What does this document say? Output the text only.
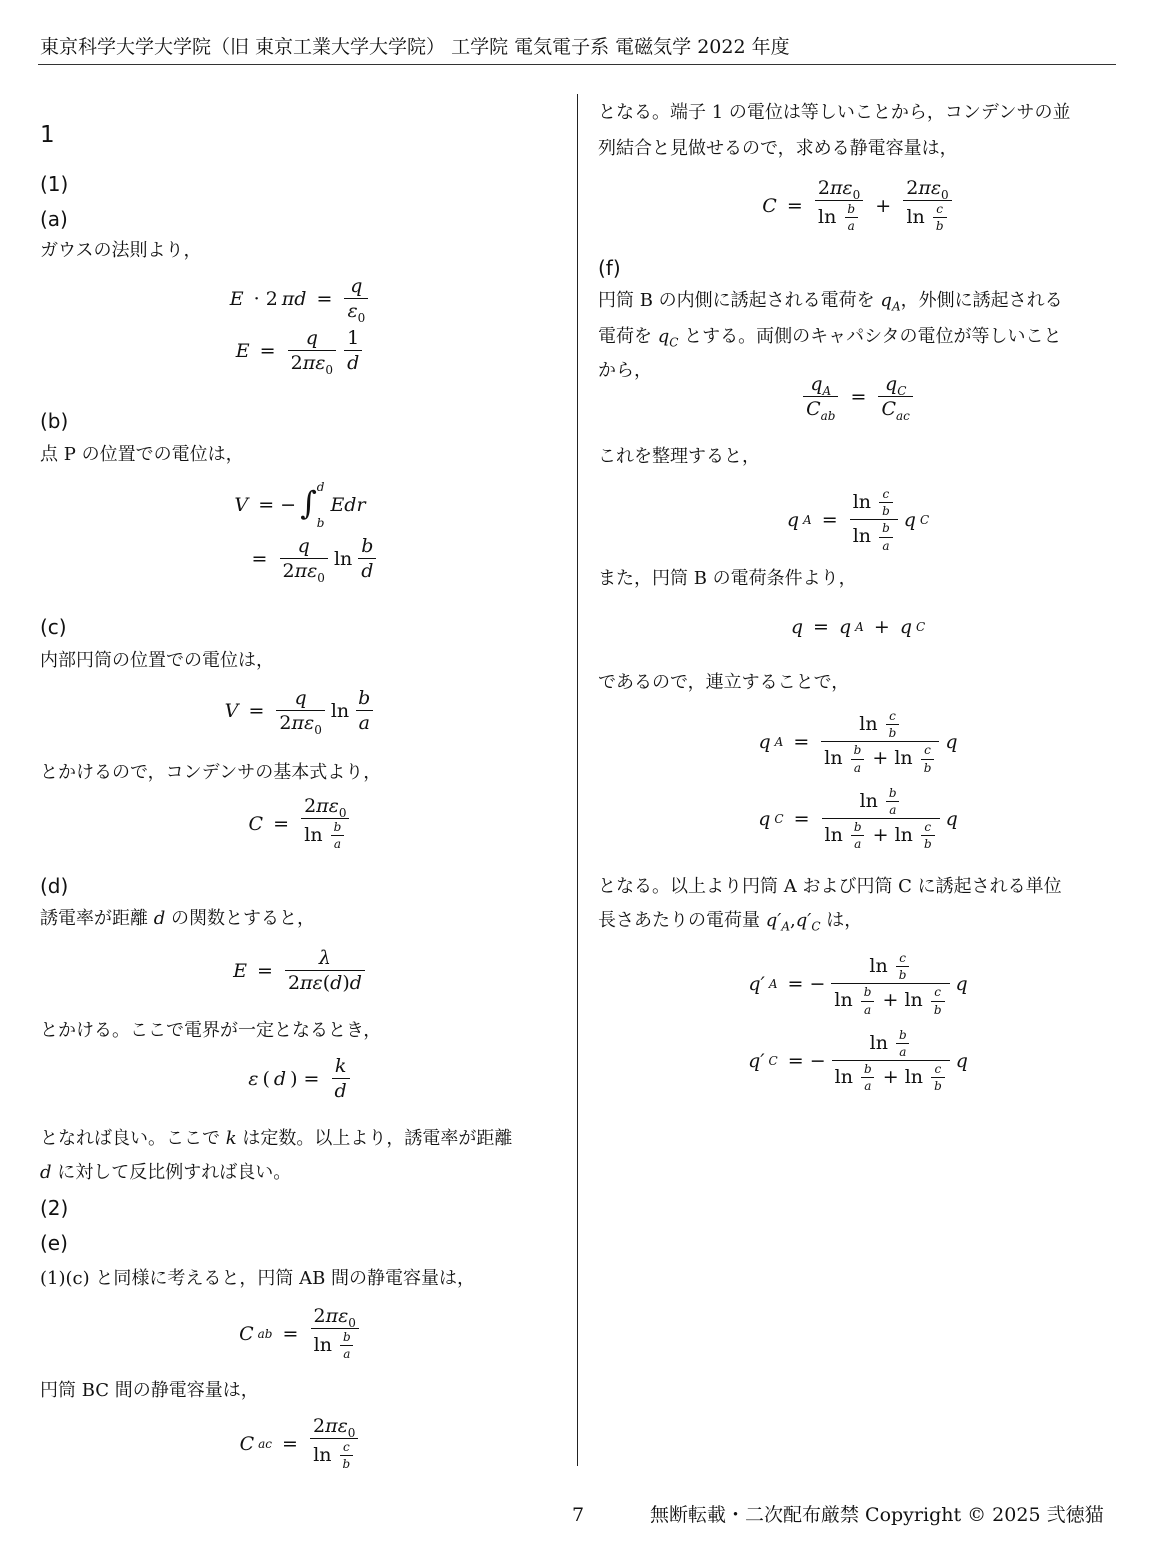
東京科学大学大学院（旧 東京工業大学大学院） 工学院 電気電子系 電磁気学 2022 年度
1
(1)
(a)
ガウスの法則より，
E · 2 $\pi d = \frac{q}{\varepsilon_0}$
$E = \frac{q}{2\pi\varepsilon_0} \frac{1}{d}$
(b)
点 P の位置での電位は，
V = − ∫ d
b
Edr
= $\frac{q}{2\pi\varepsilon_0}$ $\ln \frac{b}{d}$
(c)
内部円筒の位置での電位は，
$V = \frac{q}{2\pi\varepsilon_0}$ $\ln \frac{b}{a}$
とかけるので，コンデンサの基本式より，
$C = \frac{2\pi\varepsilon_0}{\ln \frac{b}{a}}$
(d)
誘電率が距離 d の関数とすると，
$E = \frac{\lambda}{2\pi\varepsilon(d)d}$
とかける。ここで電界が一定となるとき，
ε ( d ) = $\frac{k}{d}$
となれば良い。ここで k は定数。以上より，誘電率が距離
d に対して反比例すれば良い。
(2)
(e)
(1)(c) と同様に考えると，円筒 AB 間の静電容量は，
C ab = $\frac{2\pi\varepsilon_0}{\ln \frac{b}{a}}$
円筒 BC 間の静電容量は，
C ac = $\frac{2\pi\varepsilon_0}{\ln \frac{c}{b}}$
となる。端子 1 の電位は等しいことから，コンデンサの並
列結合と見做せるので，求める静電容量は，
$C = \frac{2\pi\varepsilon_0}{\ln \frac{b}{a}} + \frac{2\pi\varepsilon_0}{\ln \frac{c}{b}}$
(f)
円筒 B の内側に誘起される電荷を $q_A$，外側に誘起される
電荷を $q_C$ とする。両側のキャパシタの電位が等しいこと
から，
$\frac{q_A}{C_{ab}} = \frac{q_C}{C_{ac}}$
これを整理すると，
q $A = \frac{\ln \frac{c}{b}}{\ln \frac{b}{a}}$ q C
また，円筒 B の電荷条件より，
q = q A + q C
であるので，連立することで，
q $A = \frac{\ln \frac{c}{b}}{\ln \frac{b}{a} + \ln \frac{c}{b}}$ q
q $C = \frac{\ln \frac{b}{a}}{\ln \frac{b}{a} + \ln \frac{c}{b}}$ q
となる。以上より円筒 A および円筒 C に誘起される単位
長さあたりの電荷量 $q'_A,q'_C$ は，
q′ A = − $\frac{\ln \frac{c}{b}}{\ln \frac{b}{a} + \ln \frac{c}{b}}$ q
q′ C = − $\frac{\ln \frac{b}{a}}{\ln \frac{b}{a} + \ln \frac{c}{b}}$ q
7	無断転載・二次配布厳禁 Copyright © 2025 弐徳猫
